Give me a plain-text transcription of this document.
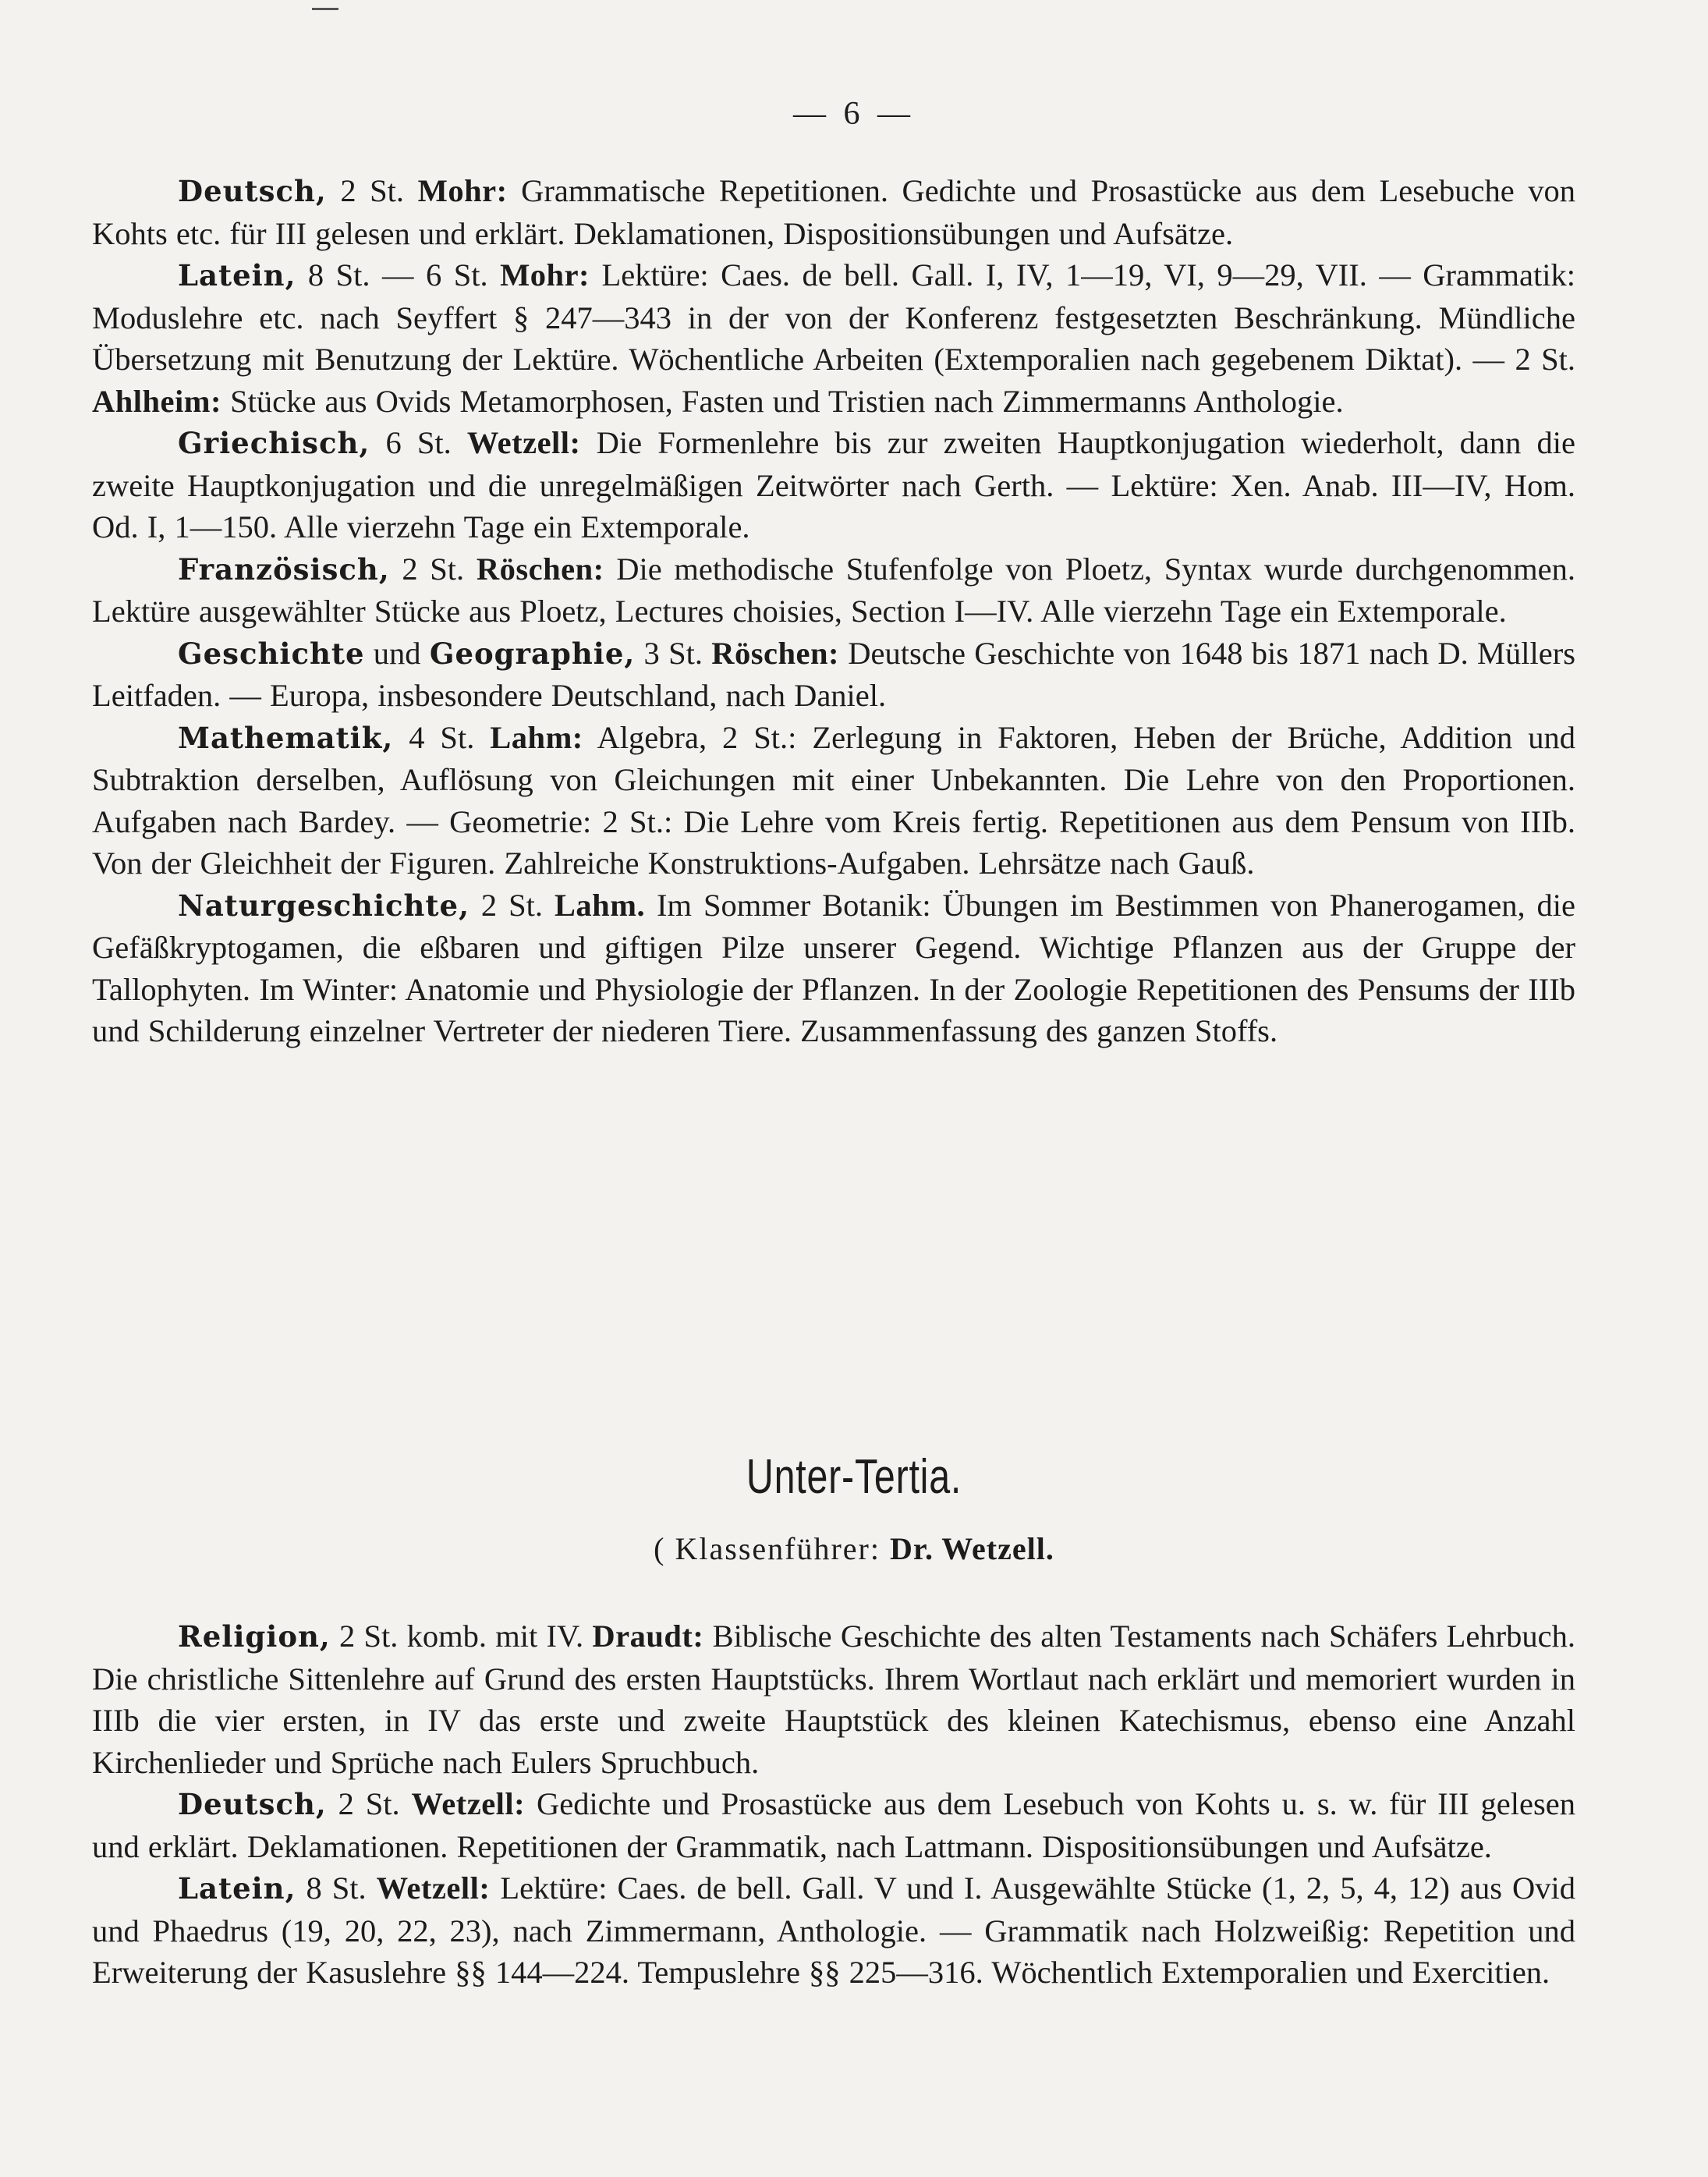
— 6 —

Deutsch, 2 St. Mohr: Grammatische Repetitionen. Gedichte und Prosastücke aus dem Lesebuche von Kohts etc. für III gelesen und erklärt. Deklamationen, Dispositionsübungen und Aufsätze.

Latein, 8 St. — 6 St. Mohr: Lektüre: Caes. de bell. Gall. I, IV, 1—19, VI, 9—29, VII. — Grammatik: Moduslehre etc. nach Seyffert § 247—343 in der von der Konferenz festgesetzten Beschränkung. Mündliche Übersetzung mit Benutzung der Lektüre. Wöchentliche Arbeiten (Extemporalien nach gegebenem Diktat). — 2 St. Ahlheim: Stücke aus Ovids Metamorphosen, Fasten und Tristien nach Zimmermanns Anthologie.

Griechisch, 6 St. Wetzell: Die Formenlehre bis zur zweiten Hauptkonjugation wiederholt, dann die zweite Hauptkonjugation und die unregelmäßigen Zeitwörter nach Gerth. — Lektüre: Xen. Anab. III—IV, Hom. Od. I, 1—150. Alle vierzehn Tage ein Extemporale.

Französisch, 2 St. Röschen: Die methodische Stufenfolge von Ploetz, Syntax wurde durchgenommen. Lektüre ausgewählter Stücke aus Ploetz, Lectures choisies, Section I—IV. Alle vierzehn Tage ein Extemporale.

Geschichte und Geographie, 3 St. Röschen: Deutsche Geschichte von 1648 bis 1871 nach D. Müllers Leitfaden. — Europa, insbesondere Deutschland, nach Daniel.

Mathematik, 4 St. Lahm: Algebra, 2 St.: Zerlegung in Faktoren, Heben der Brüche, Addition und Subtraktion derselben, Auflösung von Gleichungen mit einer Unbekannten. Die Lehre von den Proportionen. Aufgaben nach Bardey. — Geometrie: 2 St.: Die Lehre vom Kreis fertig. Repetitionen aus dem Pensum von IIIb. Von der Gleichheit der Figuren. Zahlreiche Konstruktions-Aufgaben. Lehrsätze nach Gauß.

Naturgeschichte, 2 St. Lahm. Im Sommer Botanik: Übungen im Bestimmen von Phanerogamen, die Gefäßkryptogamen, die eßbaren und giftigen Pilze unserer Gegend. Wichtige Pflanzen aus der Gruppe der Tallophyten. Im Winter: Anatomie und Physiologie der Pflanzen. In der Zoologie Repetitionen des Pensums der IIIb und Schilderung einzelner Vertreter der niederen Tiere. Zusammenfassung des ganzen Stoffs.

Unter-Tertia.
( Klassenführer: Dr. Wetzell.

Religion, 2 St. komb. mit IV. Draudt: Biblische Geschichte des alten Testaments nach Schäfers Lehrbuch. Die christliche Sittenlehre auf Grund des ersten Hauptstücks. Ihrem Wortlaut nach erklärt und memoriert wurden in IIIb die vier ersten, in IV das erste und zweite Hauptstück des kleinen Katechismus, ebenso eine Anzahl Kirchenlieder und Sprüche nach Eulers Spruchbuch.

Deutsch, 2 St. Wetzell: Gedichte und Prosastücke aus dem Lesebuch von Kohts u. s. w. für III gelesen und erklärt. Deklamationen. Repetitionen der Grammatik, nach Lattmann. Dispositionsübungen und Aufsätze.

Latein, 8 St. Wetzell: Lektüre: Caes. de bell. Gall. V und I. Ausgewählte Stücke (1, 2, 5, 4, 12) aus Ovid und Phaedrus (19, 20, 22, 23), nach Zimmermann, Anthologie. — Grammatik nach Holzweißig: Repetition und Erweiterung der Kasuslehre §§ 144—224. Tempuslehre §§ 225—316. Wöchentlich Extemporalien und Exercitien.
